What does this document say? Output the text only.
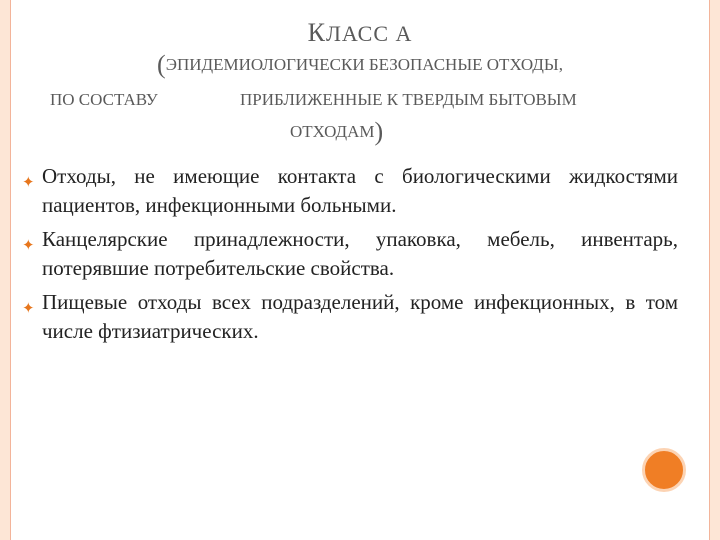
КЛАСС А
(ЭПИДЕМИОЛОГИЧЕСКИ БЕЗОПАСНЫЕ ОТХОДЫ,
ПО СОСТАВУ	ПРИБЛИЖЕННЫЕ К ТВЕРДЫМ БЫТОВЫМ
ОТХОДАМ)
✦ Отходы, не имеющие контакта с биологическими жидкостями пациентов, инфекционными больными.
✦ Канцелярские принадлежности, упаковка, мебель, инвентарь, потерявшие потребительские свойства.
✦ Пищевые отходы всех подразделений, кроме инфекционных, в том числе фтизиатрических.
